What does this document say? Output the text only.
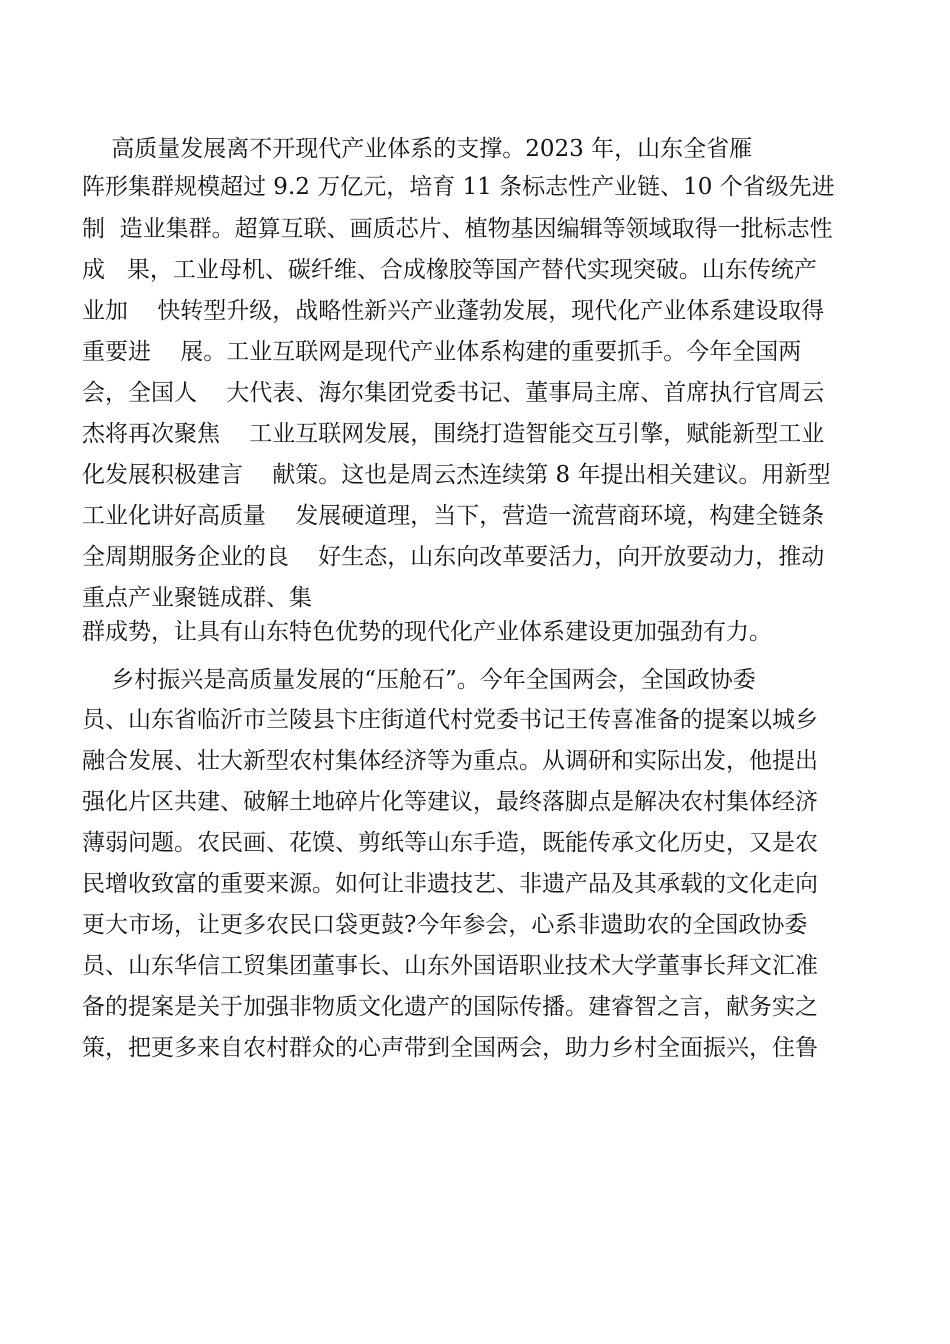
高质量发展离不开现代产业体系的支撑。2023 年，山东全省雁
阵形集群规模超过 9.2 万亿元，培育 11 条标志性产业链、10 个省级先进
制  造业集群。超算互联、画质芯片、植物基因编辑等领域取得一批标志性
成   果，工业母机、碳纤维、合成橡胶等国产替代实现突破。山东传统产
业加    快转型升级，战略性新兴产业蓬勃发展，现代化产业体系建设取得
重要进    展。工业互联网是现代产业体系构建的重要抓手。今年全国两
会，全国人    大代表、海尔集团党委书记、董事局主席、首席执行官周云
杰将再次聚焦    工业互联网发展，围绕打造智能交互引擎，赋能新型工业
化发展积极建言    献策。这也是周云杰连续第 8 年提出相关建议。用新型
工业化讲好高质量    发展硬道理，当下，营造一流营商环境，构建全链条
全周期服务企业的良    好生态，山东向改革要活力，向开放要动力，推动
重点产业聚链成群、集
群成势，让具有山东特色优势的现代化产业体系建设更加强劲有力。
乡村振兴是高质量发展的“压舱石”。今年全国两会，全国政协委
员、山东省临沂市兰陵县卞庄街道代村党委书记王传喜准备的提案以城乡
融合发展、壮大新型农村集体经济等为重点。从调研和实际出发，他提出
强化片区共建、破解土地碎片化等建议，最终落脚点是解决农村集体经济
薄弱问题。农民画、花馍、剪纸等山东手造，既能传承文化历史，又是农
民增收致富的重要来源。如何让非遗技艺、非遗产品及其承载的文化走向
更大市场，让更多农民口袋更鼓?今年参会，心系非遗助农的全国政协委
员、山东华信工贸集团董事长、山东外国语职业技术大学董事长拜文汇准
备的提案是关于加强非物质文化遗产的国际传播。建睿智之言，献务实之
策，把更多来自农村群众的心声带到全国两会，助力乡村全面振兴，住鲁
